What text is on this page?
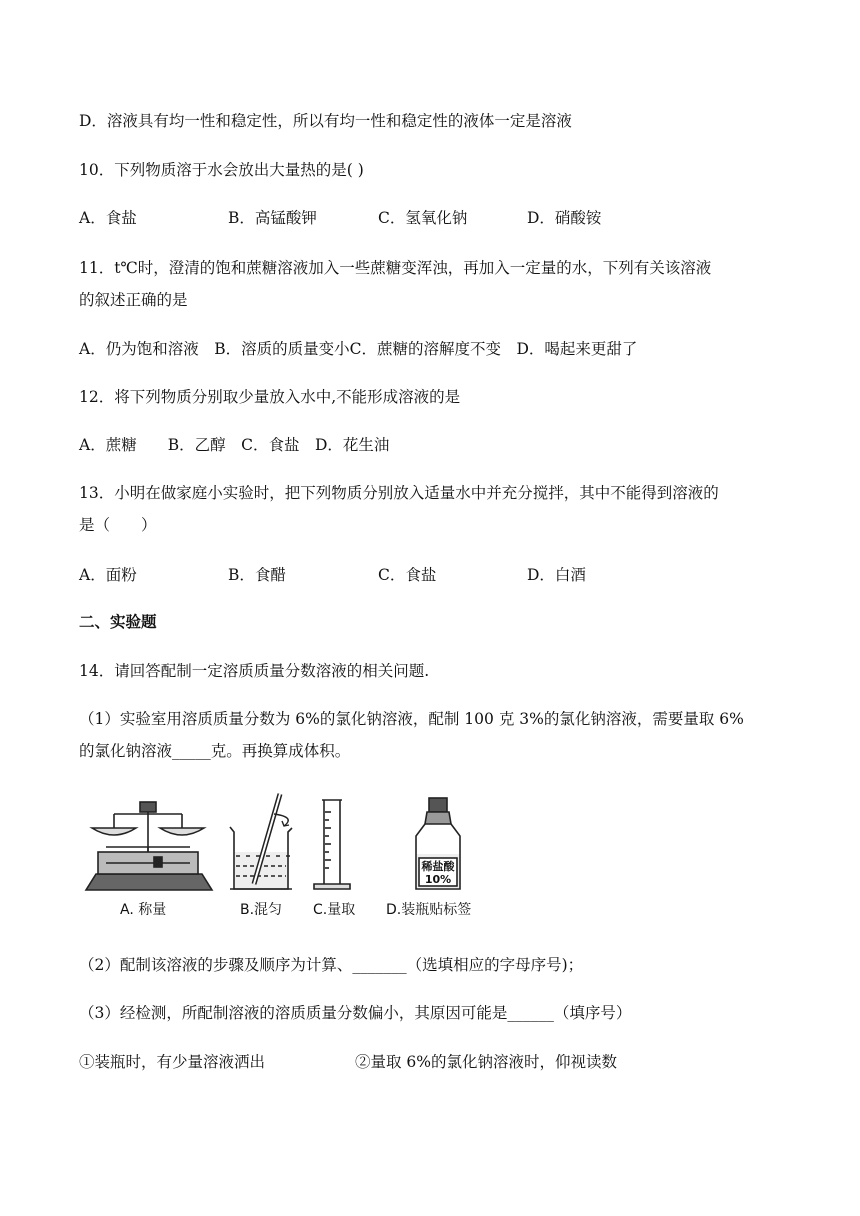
D．溶液具有均一性和稳定性，所以有均一性和稳定性的液体一定是溶液
10．下列物质溶于水会放出大量热的是( )
A．食盐	B．高锰酸钾	C．氢氧化钠	D．硝酸铵
11．t℃时，澄清的饱和蔗糖溶液加入一些蔗糖变浑浊，再加入一定量的水，下列有关该溶液
的叙述正确的是
A．仍为饱和溶液　B．溶质的质量变小C．蔗糖的溶解度不变　D．喝起来更甜了
12．将下列物质分别取少量放入水中,不能形成溶液的是
A．蔗糖　　B．乙醇　C．食盐　D．花生油
13．小明在做家庭小实验时，把下列物质分别放入适量水中并充分搅拌，其中不能得到溶液的
是（　　）
A．面粉	B．食醋	C．食盐	D．白酒
二、实验题
14．请回答配制一定溶质质量分数溶液的相关问题.
（1）实验室用溶质质量分数为 6%的氯化钠溶液，配制 100 克 3%的氯化钠溶液，需要量取 6%
的氯化钠溶液_____克。再换算成体积。
稀盐酸
10%
A. 称量	B.混匀 C.量取 D.装瓶贴标签
（2）配制该溶液的步骤及顺序为计算、_______（选填相应的字母序号)；
（3）经检测，所配制溶液的溶质质量分数偏小，其原因可能是______（填序号）
①装瓶时，有少量溶液洒出	②量取 6%的氯化钠溶液时，仰视读数
